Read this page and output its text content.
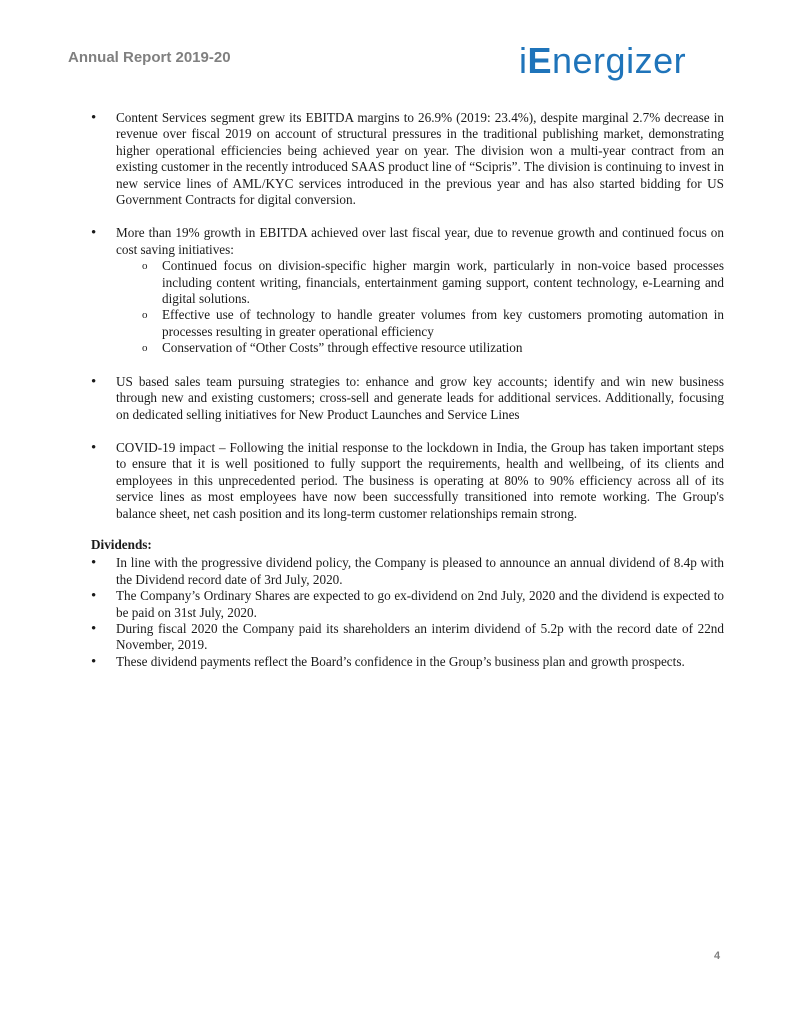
Annual Report 2019-20	iEnergizer
• Content Services segment grew its EBITDA margins to 26.9% (2019: 23.4%), despite marginal 2.7% decrease in revenue over fiscal 2019 on account of structural pressures in the traditional publishing market, demonstrating higher operational efficiencies being achieved year on year. The division won a multi-year contract from an existing customer in the recently introduced SAAS product line of “Scipris”. The division is continuing to invest in new service lines of AML/KYC services introduced in the previous year and has also started bidding for US Government Contracts for digital conversion.
• More than 19% growth in EBITDA achieved over last fiscal year, due to revenue growth and continued focus on cost saving initiatives:
o Continued focus on division-specific higher margin work, particularly in non-voice based processes including content writing, financials, entertainment gaming support, content technology, e-Learning and digital solutions.
o Effective use of technology to handle greater volumes from key customers promoting automation in processes resulting in greater operational efficiency
o Conservation of “Other Costs” through effective resource utilization
• US based sales team pursuing strategies to: enhance and grow key accounts; identify and win new business through new and existing customers; cross-sell and generate leads for additional services. Additionally, focusing on dedicated selling initiatives for New Product Launches and Service Lines
• COVID-19 impact – Following the initial response to the lockdown in India, the Group has taken important steps to ensure that it is well positioned to fully support the requirements, health and wellbeing, of its clients and employees in this unprecedented period. The business is operating at 80% to 90% efficiency across all of its service lines as most employees have now been successfully transitioned into remote working. The Group's balance sheet, net cash position and its long-term customer relationships remain strong.
Dividends:
• In line with the progressive dividend policy, the Company is pleased to announce an annual dividend of 8.4p with the Dividend record date of 3rd July, 2020.
• The Company’s Ordinary Shares are expected to go ex-dividend on 2nd July, 2020 and the dividend is expected to be paid on 31st July, 2020.
• During fiscal 2020 the Company paid its shareholders an interim dividend of 5.2p with the record date of 22nd November, 2019.
• These dividend payments reflect the Board’s confidence in the Group’s business plan and growth prospects.
4
